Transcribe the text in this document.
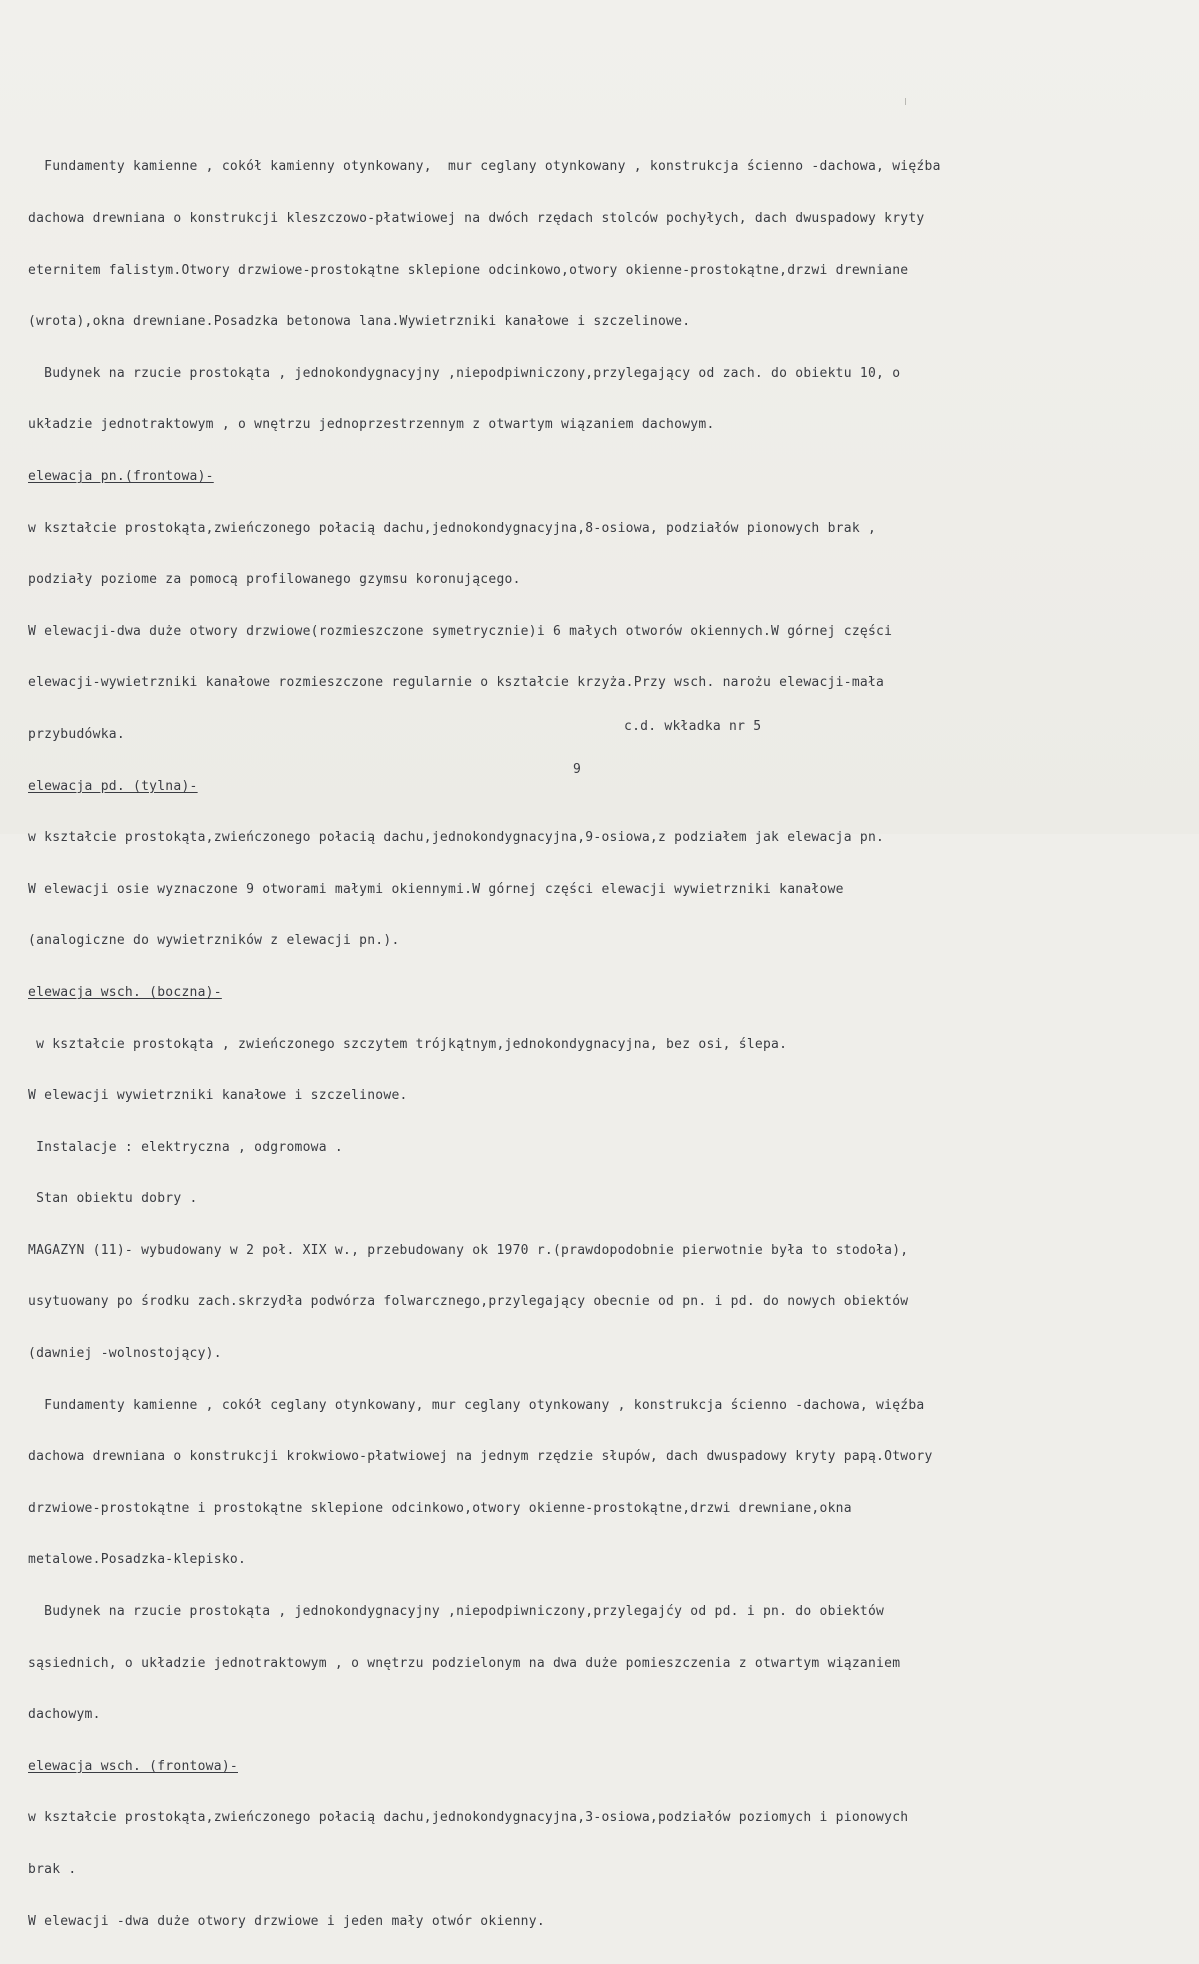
Fundamenty kamienne , cokół kamienny otynkowany,  mur ceglany otynkowany , konstrukcja ścienno -dachowa, więźba

dachowa drewniana o konstrukcji kleszczowo-płatwiowej na dwóch rzędach stolców pochyłych, dach dwuspadowy kryty

eternitem falistym.Otwory drzwiowe-prostokątne sklepione odcinkowo,otwory okienne-prostokątne,drzwi drewniane

(wrota),okna drewniane.Posadzka betonowa lana.Wywietrzniki kanałowe i szczelinowe.

Budynek na rzucie prostokąta , jednokondygnacyjny ,niepodpiwniczony,przylegający od zach. do obiektu 10, o

układzie jednotraktowym , o wnętrzu jednoprzestrzennym z otwartym wiązaniem dachowym.

elewacja pn.(frontowa)-

w kształcie prostokąta,zwieńczonego połacią dachu,jednokondygnacyjna,8-osiowa, podziałów pionowych brak ,

podziały poziome za pomocą profilowanego gzymsu koronującego.

W elewacji-dwa duże otwory drzwiowe(rozmieszczone symetrycznie)i 6 małych otworów okiennych.W górnej części

elewacji-wywietrzniki kanałowe rozmieszczone regularnie o kształcie krzyża.Przy wsch. narożu elewacji-mała

przybudówka.

elewacja pd. (tylna)-

w kształcie prostokąta,zwieńczonego połacią dachu,jednokondygnacyjna,9-osiowa,z podziałem jak elewacja pn.

W elewacji osie wyznaczone 9 otworami małymi okiennymi.W górnej części elewacji wywietrzniki kanałowe

(analogiczne do wywietrzników z elewacji pn.).

elewacja wsch. (boczna)-

w kształcie prostokąta , zwieńczonego szczytem trójkątnym,jednokondygnacyjna, bez osi, ślepa.

W elewacji wywietrzniki kanałowe i szczelinowe.

Instalacje : elektryczna , odgromowa .

Stan obiektu dobry .

MAGAZYN (11)- wybudowany w 2 poł. XIX w., przebudowany ok 1970 r.(prawdopodobnie pierwotnie była to stodoła),

usytuowany po środku zach.skrzydła podwórza folwarcznego,przylegający obecnie od pn. i pd. do nowych obiektów

(dawniej -wolnostojący).

Fundamenty kamienne , cokół ceglany otynkowany, mur ceglany otynkowany , konstrukcja ścienno -dachowa, więźba

dachowa drewniana o konstrukcji krokwiowo-płatwiowej na jednym rzędzie słupów, dach dwuspadowy kryty papą.Otwory

drzwiowe-prostokątne i prostokątne sklepione odcinkowo,otwory okienne-prostokątne,drzwi drewniane,okna

metalowe.Posadzka-klepisko.

Budynek na rzucie prostokąta , jednokondygnacyjny ,niepodpiwniczony,przylegajćy od pd. i pn. do obiektów

sąsiednich, o układzie jednotraktowym , o wnętrzu podzielonym na dwa duże pomieszczenia z otwartym wiązaniem

dachowym.

elewacja wsch. (frontowa)-

w kształcie prostokąta,zwieńczonego połacią dachu,jednokondygnacyjna,3-osiowa,podziałów poziomych i pionowych

brak .

W elewacji -dwa duże otwory drzwiowe i jeden mały otwór okienny.

c.d. wkładka nr 5
9
